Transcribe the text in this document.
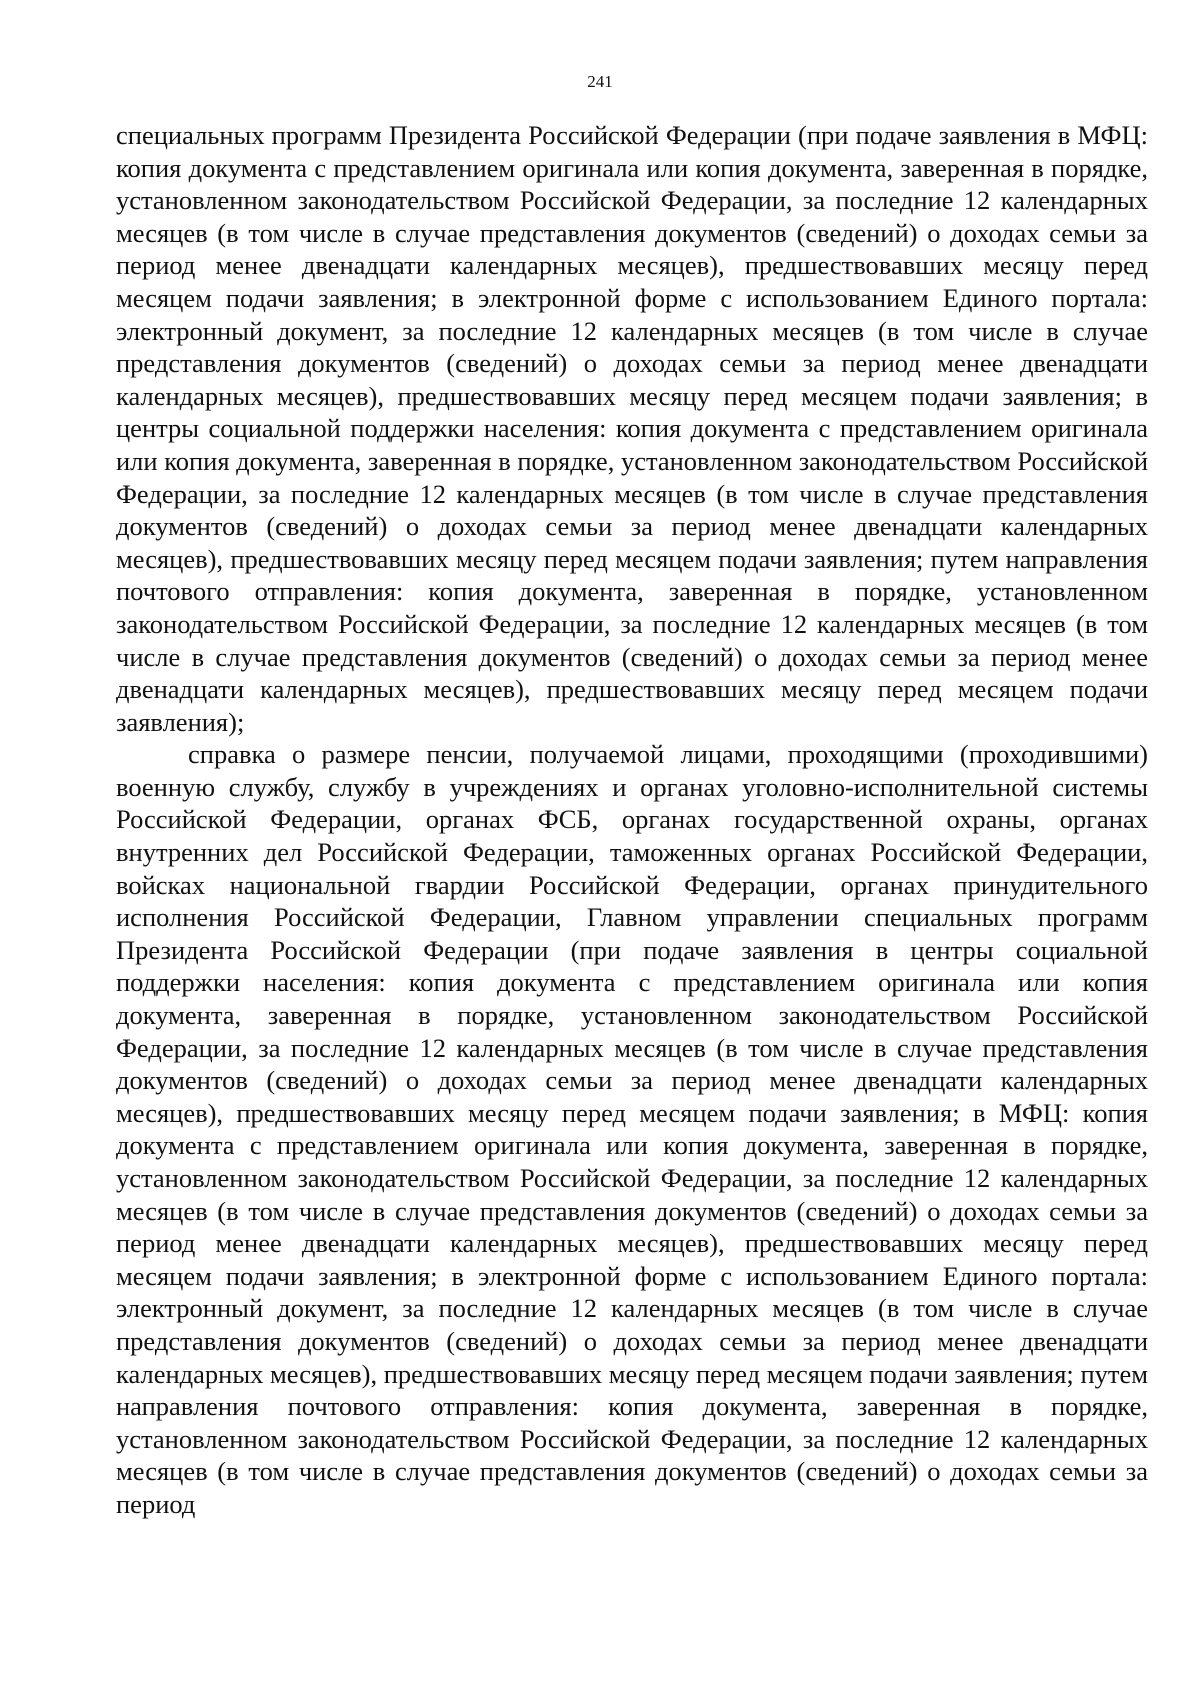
241

специальных программ Президента Российской Федерации (при подаче заявления в МФЦ: копия документа с представлением оригинала или копия документа, заверенная в порядке, установленном законодательством Российской Федерации, за последние 12 календарных месяцев (в том числе в случае представления документов (сведений) о доходах семьи за период менее двенадцати календарных месяцев), предшествовавших месяцу перед месяцем подачи заявления; в электронной форме с использованием Единого портала: электронный документ, за последние 12 календарных месяцев (в том числе в случае представления документов (сведений) о доходах семьи за период менее двенадцати календарных месяцев), предшествовавших месяцу перед месяцем подачи заявления; в центры социальной поддержки населения: копия документа с представлением оригинала или копия документа, заверенная в порядке, установленном законодательством Российской Федерации, за последние 12 календарных месяцев (в том числе в случае представления документов (сведений) о доходах семьи за период менее двенадцати календарных месяцев), предшествовавших месяцу перед месяцем подачи заявления; путем направления почтового отправления: копия документа, заверенная в порядке, установленном законодательством Российской Федерации, за последние 12 календарных месяцев (в том числе в случае представления документов (сведений) о доходах семьи за период менее двенадцати календарных месяцев), предшествовавших месяцу перед месяцем подачи заявления);

справка о размере пенсии, получаемой лицами, проходящими (проходившими) военную службу, службу в учреждениях и органах уголовно-исполнительной системы Российской Федерации, органах ФСБ, органах государственной охраны, органах внутренних дел Российской Федерации, таможенных органах Российской Федерации, войсках национальной гвардии Российской Федерации, органах принудительного исполнения Российской Федерации, Главном управлении специальных программ Президента Российской Федерации (при подаче заявления в центры социальной поддержки населения: копия документа с представлением оригинала или копия документа, заверенная в порядке, установленном законодательством Российской Федерации, за последние 12 календарных месяцев (в том числе в случае представления документов (сведений) о доходах семьи за период менее двенадцати календарных месяцев), предшествовавших месяцу перед месяцем подачи заявления; в МФЦ: копия документа с представлением оригинала или копия документа, заверенная в порядке, установленном законодательством Российской Федерации, за последние 12 календарных месяцев (в том числе в случае представления документов (сведений) о доходах семьи за период менее двенадцати календарных месяцев), предшествовавших месяцу перед месяцем подачи заявления; в электронной форме с использованием Единого портала: электронный документ, за последние 12 календарных месяцев (в том числе в случае представления документов (сведений) о доходах семьи за период менее двенадцати календарных месяцев), предшествовавших месяцу перед месяцем подачи заявления; путем направления почтового отправления: копия документа, заверенная в порядке, установленном законодательством Российской Федерации, за последние 12 календарных месяцев (в том числе в случае представления документов (сведений) о доходах семьи за период
